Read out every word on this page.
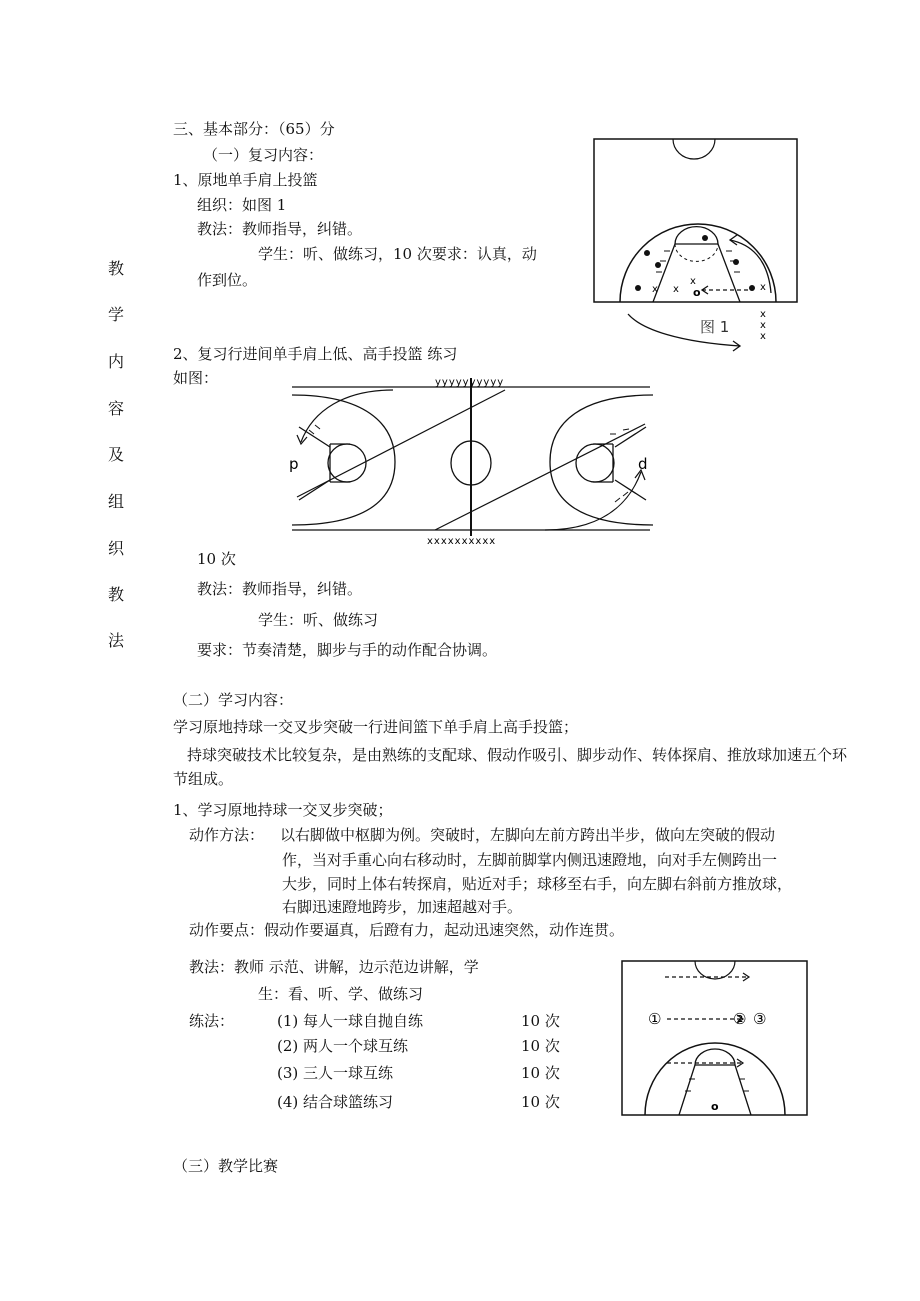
教
学
内
容
及
组
织
教
法
三、基本部分：（65）分
（一）复习内容：
1、原地单手肩上投篮
组织：如图 1
教法：教师指导，纠错。
学生：听、做练习，10 次要求：认真，动
作到位。	x
x
x	o	x
x
x
x
图 1
2、复习行进间单手肩上低、高手投篮 练习
如图：
p	d
yyyyyyyyyy
xxxxxxxxxx
10 次
教法：教师指导，纠错。
学生：听、做练习
要求：节奏清楚，脚步与手的动作配合协调。
（二）学习内容：
学习原地持球一交叉步突破一行进间篮下单手肩上高手投篮；
持球突破技术比较复杂，是由熟练的支配球、假动作吸引、脚步动作、转体探肩、推放球加速五个环节组成。
1、学习原地持球一交叉步突破；
动作方法： 以右脚做中枢脚为例。突破时，左脚向左前方跨出半步，做向左突破的假动
作，当对手重心向右移动时，左脚前脚掌内侧迅速蹬地，向对手左侧跨出一
大步，同时上体右转探肩，贴近对手；球移至右手，向左脚右斜前方推放球，
右脚迅速蹬地跨步，加速超越对手。
动作要点：假动作要逼真，后蹬有力，起动迅速突然，动作连贯。
教法：教师 示范、讲解，边示范边讲解，学
生：看、听、学、做练习
练法：	(1) 每人一球自抛自练	10 次
(2) 两人一个球互练	10 次
(3) 三人一球互练	10 次
(4) 结合球篮练习	10 次
①	② ③
o
（三）教学比赛
